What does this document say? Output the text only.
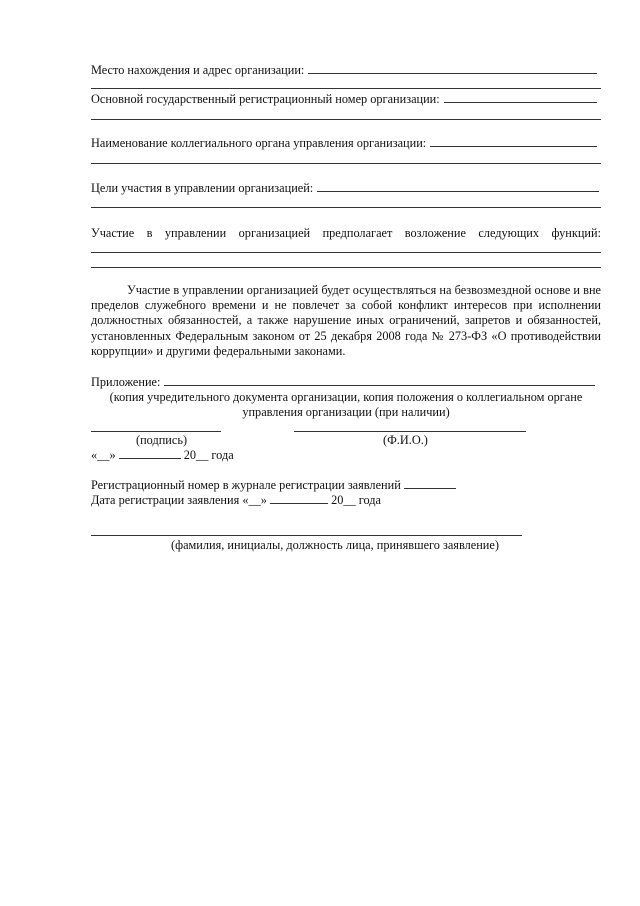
Место нахождения и адрес организации:
Основной государственный регистрационный номер организации:
Наименование коллегиального органа управления организации:
Цели участия в управлении организацией:
Участие в управлении организацией предполагает возложение следующих функций:
Участие в управлении организацией будет осуществляться на безвозмездной основе и вне пределов служебного времени и не повлечет за собой конфликт интересов при исполнении должностных обязанностей, а также нарушение иных ограничений, запретов и обязанностей, установленных Федеральным законом от 25 декабря 2008 года № 273-ФЗ «О противодействии коррупции» и другими федеральными законами.
Приложение:
(копия учредительного документа организации, копия положения о коллегиальном органе управления организации (при наличии)
(подпись)	(Ф.И.О.)
«__»	20__ года
Регистрационный номер в журнале регистрации заявлений
Дата регистрации заявления «__»	20__ года
(фамилия, инициалы, должность лица, принявшего заявление)
